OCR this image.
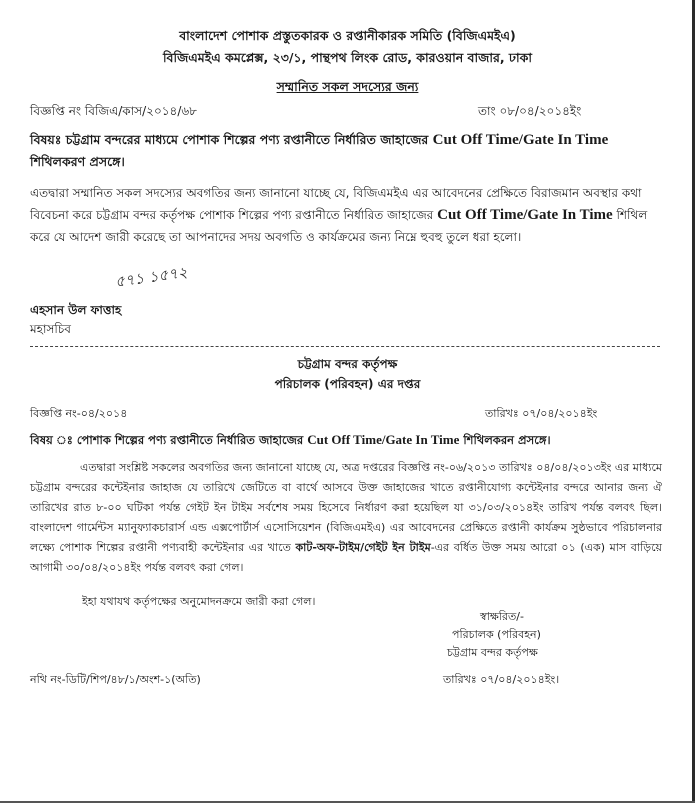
বাংলাদেশ পোশাক প্রস্তুতকারক ও রপ্তানীকারক সমিতি (বিজিএমইএ)
বিজিএমইএ কমপ্লেক্স, ২৩/১, পান্থপথ লিংক রোড, কারওয়ান বাজার, ঢাকা
সম্মানিত সকল সদস্যের জন্য
বিজ্ঞপ্তি নং বিজিএ/কাস/২০১৪/৬৮	তাং ০৮/০৪/২০১৪ইং
বিষয়ঃ চট্টগ্রাম বন্দরের মাধ্যমে পোশাক শিল্পের পণ্য রপ্তানীতে নির্ধারিত জাহাজের Cut Off Time/Gate In Time
শিথিলকরণ প্রসঙ্গে।
এতদ্বারা সম্মানিত সকল সদস্যের অবগতির জন্য জানানো যাচ্ছে যে, বিজিএমইএ এর আবেদনের প্রেক্ষিতে বিরাজমান অবস্থার কথা বিবেচনা করে চট্টগ্রাম বন্দর কর্তৃপক্ষ পোশাক শিল্পের পণ্য রপ্তানীতে নির্ধারিত জাহাজের Cut Off Time/Gate In Time শিথিল করে যে আদেশ জারী করেছে তা আপনাদের সদয় অবগতি ও কার্যক্রমের জন্য নিম্নে হুবহু তুলে ধরা হলো।
৫৭১ ১৫৭২
এহসান উল ফাত্তাহ
মহাসচিব
চট্টগ্রাম বন্দর কর্তৃপক্ষ
পরিচালক (পরিবহন) এর দপ্তর
বিজ্ঞপ্তি নং-০৪/২০১৪	তারিখঃ ০৭/০৪/২০১৪ইং
বিষয় ঃ পোশাক শিল্পের পণ্য রপ্তানীতে নির্ধারিত জাহাজের Cut Off Time/Gate In Time শিথিলকরন প্রসঙ্গে।
এতদ্বারা সংশ্লিষ্ট সকলের অবগতির জন্য জানানো যাচ্ছে যে, অত্র দপ্তরের বিজ্ঞপ্তি নং-০৬/২০১৩ তারিখঃ ০৪/০৪/২০১৩ইং এর মাধ্যমে চট্টগ্রাম বন্দরের কন্টেইনার জাহাজ যে তারিখে জেটিতে বা বার্থে আসবে উক্ত জাহাজের খাতে রপ্তানীযোগ্য কন্টেইনার বন্দরে আনার জন্য ঐ তারিখের রাত ৮-০০ ঘটিকা পর্যন্ত গেইট ইন টাইম সর্বশেষ সময় হিসেবে নির্ধারণ করা হয়েছিল যা ৩১/০৩/২০১৪ইং তারিখ পর্যন্ত বলবৎ ছিল। বাংলাদেশ গার্মেন্টস ম্যানুফ্যাকচারার্স এন্ড এক্সপোর্টার্স এসোসিয়েশন (বিজিএমইএ) এর আবেদনের প্রেক্ষিতে রপ্তানী কার্যক্রম সুষ্ঠভাবে পরিচালনার লক্ষ্যে পোশাক শিল্পের রপ্তানী পণ্যবাহী কন্টেইনার এর খাতে কাট-অফ-টাইম/গেইট ইন টাইম-এর বর্ধিত উক্ত সময় আরো ০১ (এক) মাস বাড়িয়ে আগামী ৩০/০৪/২০১৪ইং পর্যন্ত বলবৎ করা গেল।
ইহা যথাযথ কর্তৃপক্ষের অনুমোদনক্রমে জারী করা গেল।
স্বাক্ষরিত/-
পরিচালক (পরিবহন)
চট্টগ্রাম বন্দর কর্তৃপক্ষ
নথি নং-ডিটি/শিপ/৪৮/১/অংশ-১(অতি)	তারিখঃ ০৭/০৪/২০১৪ইং।
